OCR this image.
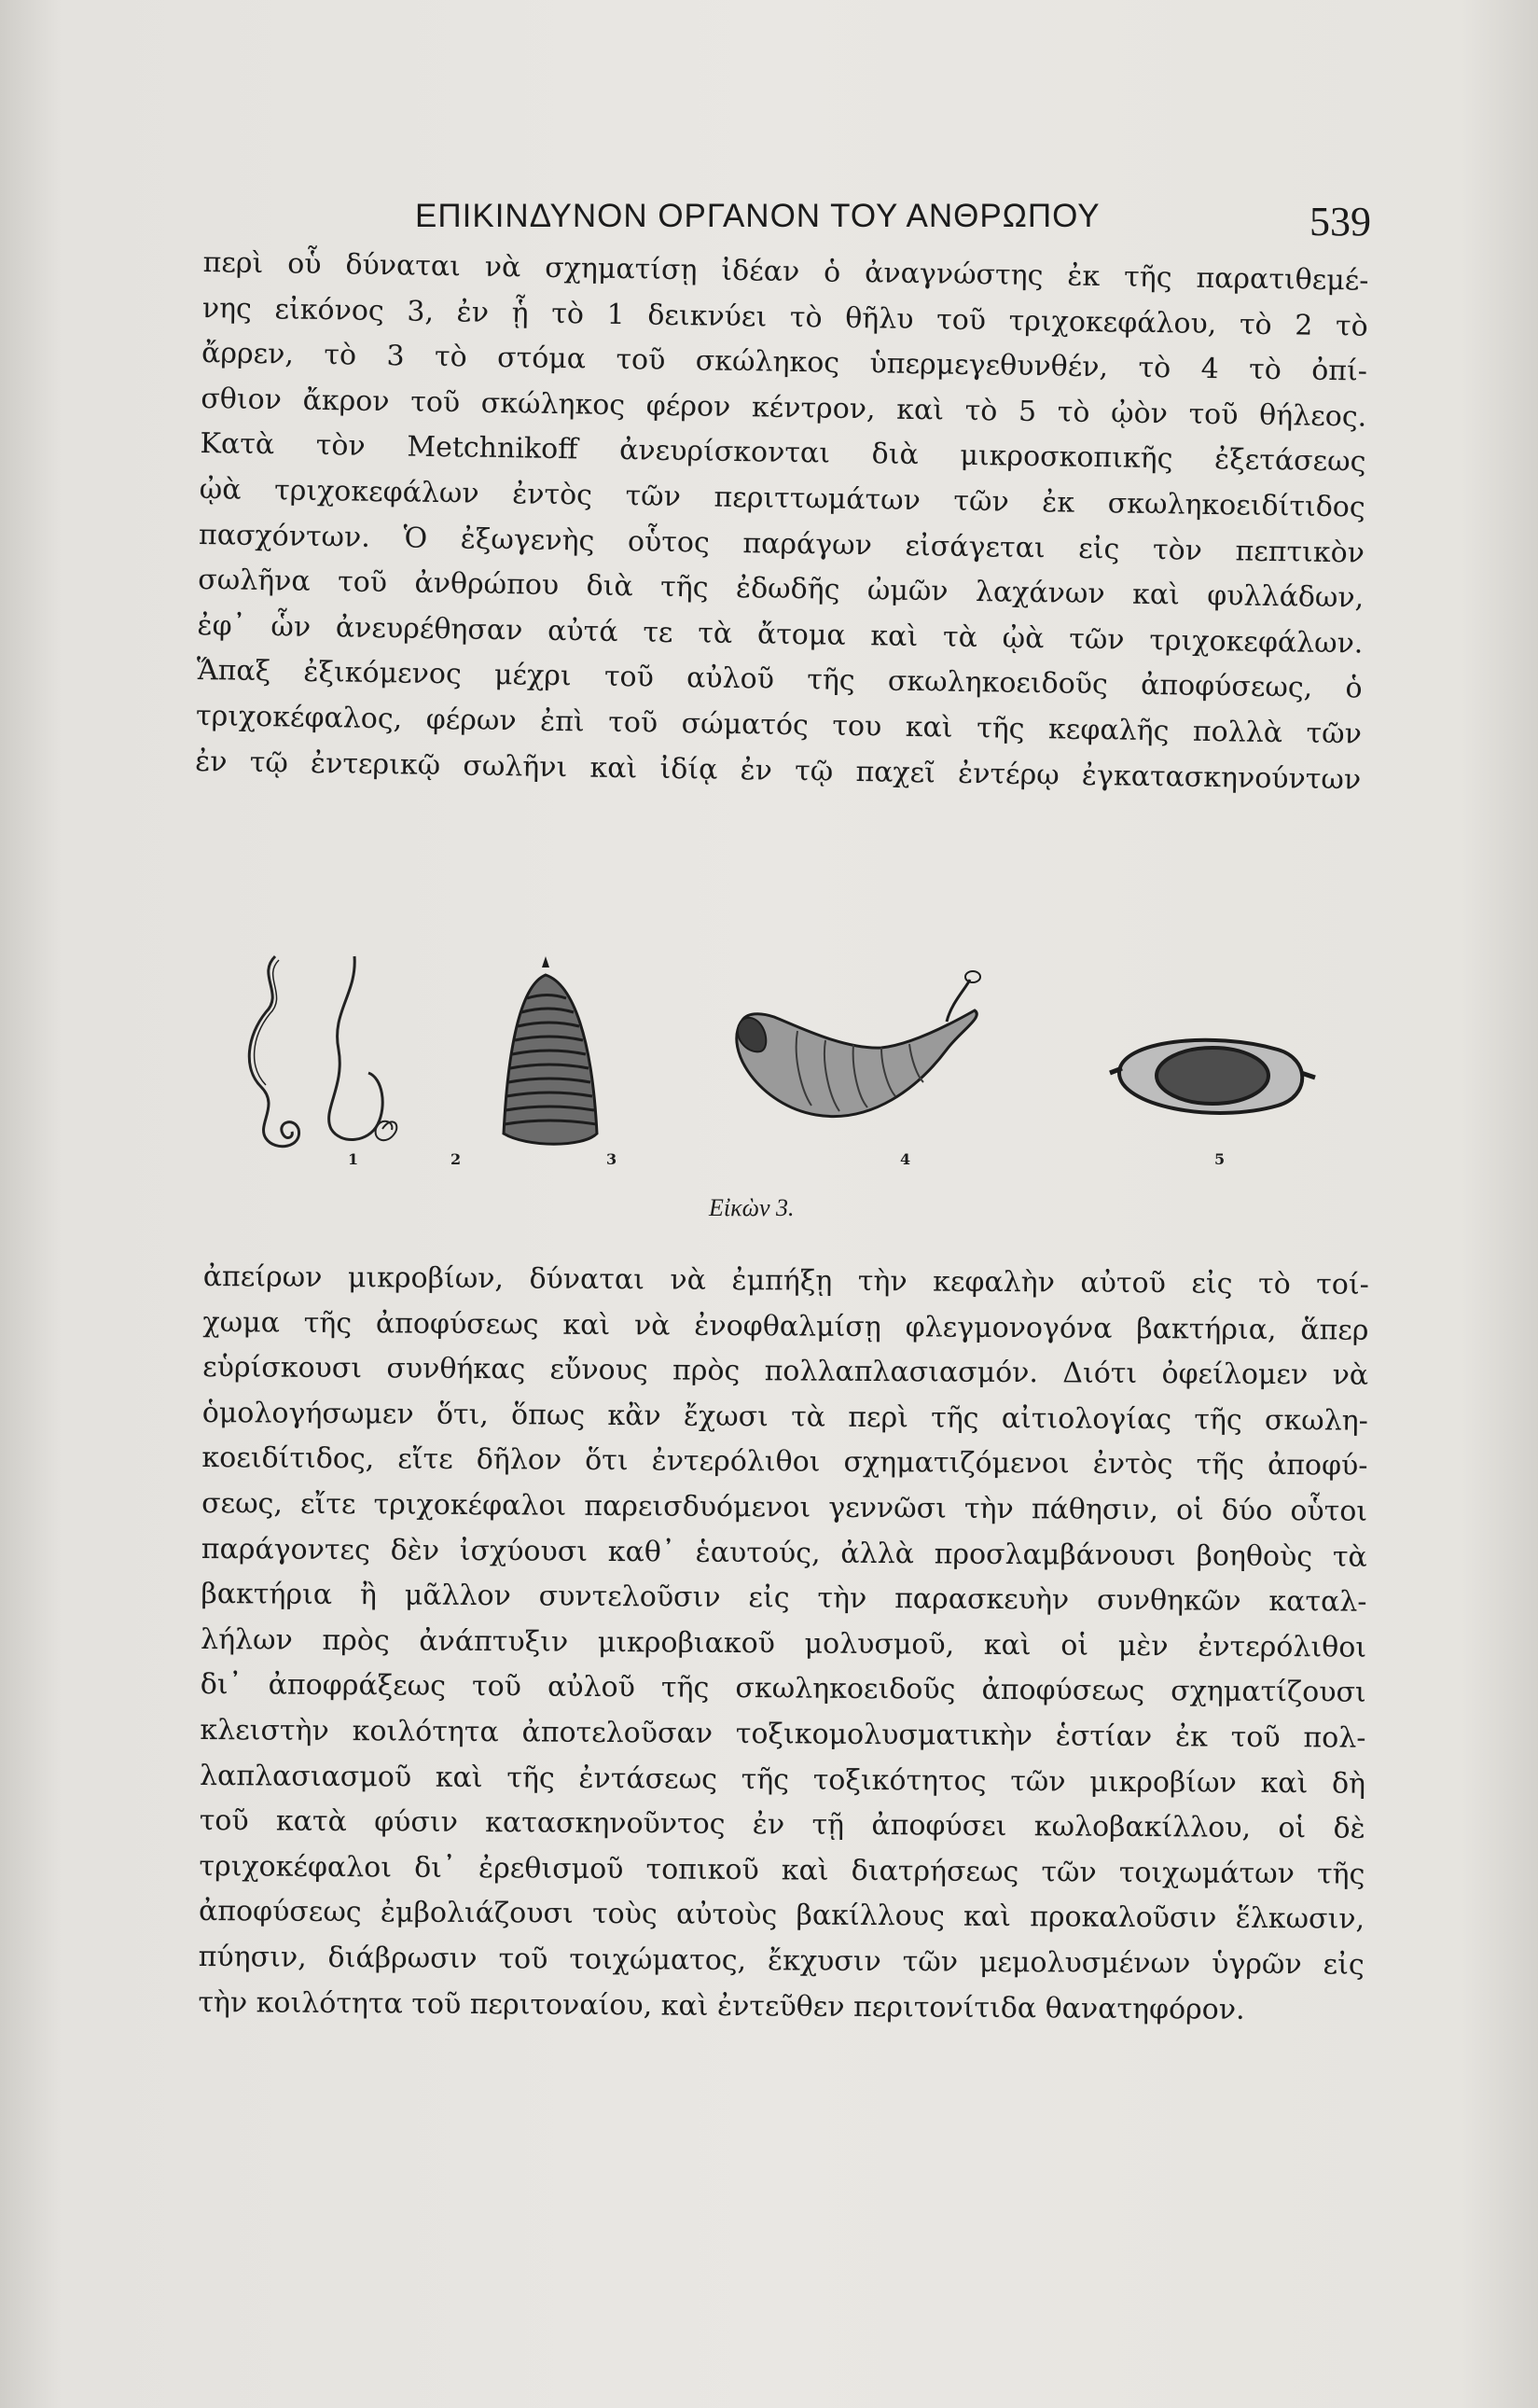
ΕΠΙΚΙΝΔΥΝΟΝ ΟΡΓΑΝΟΝ ΤΟΥ ΑΝΘΡΩΠΟΥ	539
περὶ οὗ δύναται νὰ σχηματίσῃ ἰδέαν ὁ ἀναγνώστης ἐκ τῆς παρατιθεμέ-
νης εἰκόνος 3, ἐν ᾗ τὸ 1 δεικνύει τὸ θῆλυ τοῦ τριχοκεφάλου, τὸ 2 τὸ
ἄρρεν, τὸ 3 τὸ στόμα τοῦ σκώληκος ὑπερμεγεθυνθέν, τὸ 4 τὸ ὀπί-
σθιον ἄκρον τοῦ σκώληκος φέρον κέντρον, καὶ τὸ 5 τὸ ᾠὸν τοῦ θήλεος.
Κατὰ τὸν Metchnikoff ἀνευρίσκονται διὰ μικροσκοπικῆς ἐξετάσεως
ᾠὰ τριχοκεφάλων ἐντὸς τῶν περιττωμάτων τῶν ἐκ σκωληκοειδίτιδος
πασχόντων. Ὁ ἐξωγενὴς οὗτος παράγων εἰσάγεται εἰς τὸν πεπτικὸν
σωλῆνα τοῦ ἀνθρώπου διὰ τῆς ἐδωδῆς ὠμῶν λαχάνων καὶ φυλλάδων,
ἐφ᾽ ὧν ἀνευρέθησαν αὐτά τε τὰ ἄτομα καὶ τὰ ᾠὰ τῶν τριχοκεφάλων.
Ἅπαξ ἐξικόμενος μέχρι τοῦ αὐλοῦ τῆς σκωληκοειδοῦς ἀποφύσεως, ὁ
τριχοκέφαλος, φέρων ἐπὶ τοῦ σώματός του καὶ τῆς κεφαλῆς πολλὰ τῶν
ἐν τῷ ἐντερικῷ σωλῆνι καὶ ἰδίᾳ ἐν τῷ παχεῖ ἐντέρῳ ἐγκατασκηνούντων
1	2	3	4	5
Εἰκὼν 3.
ἀπείρων μικροβίων, δύναται νὰ ἐμπήξῃ τὴν κεφαλὴν αὐτοῦ εἰς τὸ τοί-
χωμα τῆς ἀποφύσεως καὶ νὰ ἐνοφθαλμίσῃ φλεγμονογόνα βακτήρια, ἅπερ
εὑρίσκουσι συνθήκας εὔνους πρὸς πολλαπλασιασμόν. Διότι ὀφείλομεν νὰ
ὁμολογήσωμεν ὅτι, ὅπως κἂν ἔχωσι τὰ περὶ τῆς αἰτιολογίας τῆς σκωλη-
κοειδίτιδος, εἴτε δῆλον ὅτι ἐντερόλιθοι σχηματιζόμενοι ἐντὸς τῆς ἀποφύ-
σεως, εἴτε τριχοκέφαλοι παρεισδυόμενοι γεννῶσι τὴν πάθησιν, οἱ δύο οὗτοι
παράγοντες δὲν ἰσχύουσι καθ᾽ ἑαυτούς, ἀλλὰ προσλαμβάνουσι βοηθοὺς τὰ
βακτήρια ἢ μᾶλλον συντελοῦσιν εἰς τὴν παρασκευὴν συνθηκῶν καταλ-
λήλων πρὸς ἀνάπτυξιν μικροβιακοῦ μολυσμοῦ, καὶ οἱ μὲν ἐντερόλιθοι
δι᾽ ἀποφράξεως τοῦ αὐλοῦ τῆς σκωληκοειδοῦς ἀποφύσεως σχηματίζουσι
κλειστὴν κοιλότητα ἀποτελοῦσαν τοξικομολυσματικὴν ἑστίαν ἐκ τοῦ πολ-
λαπλασιασμοῦ καὶ τῆς ἐντάσεως τῆς τοξικότητος τῶν μικροβίων καὶ δὴ
τοῦ κατὰ φύσιν κατασκηνοῦντος ἐν τῇ ἀποφύσει κωλοβακίλλου, οἱ δὲ
τριχοκέφαλοι δι᾽ ἐρεθισμοῦ τοπικοῦ καὶ διατρήσεως τῶν τοιχωμάτων τῆς
ἀποφύσεως ἐμβολιάζουσι τοὺς αὐτοὺς βακίλλους καὶ προκαλοῦσιν ἕλκωσιν,
πύησιν, διάβρωσιν τοῦ τοιχώματος, ἔκχυσιν τῶν μεμολυσμένων ὑγρῶν εἰς
τὴν κοιλότητα τοῦ περιτοναίου, καὶ ἐντεῦθεν περιτονίτιδα θανατηφόρον.
